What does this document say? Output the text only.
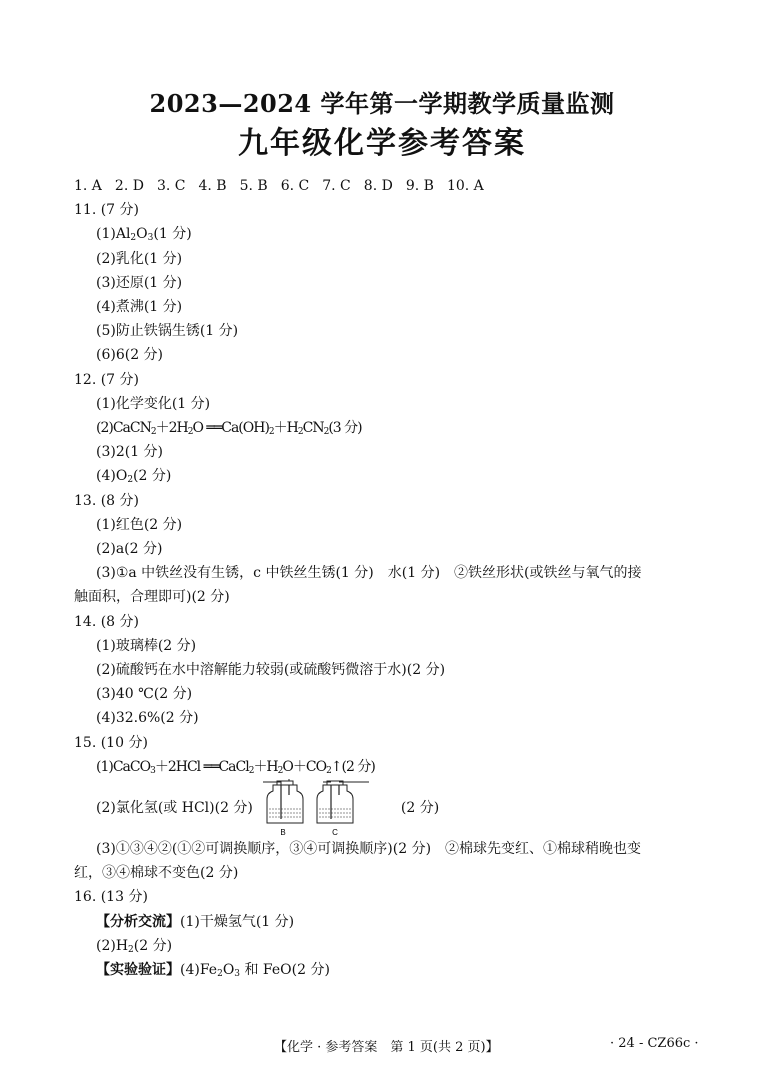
2023—2024 学年第一学期教学质量监测
九年级化学参考答案
1. A 2. D 3. C 4. B 5. B 6. C 7. C 8. D 9. B 10. A
11. (7 分)
$(1)Al_2O_3(1$ 分)
(2)乳化(1 分)
(3)还原(1 分)
(4)煮沸(1 分)
(5)防止铁锅生锈(1 分)
(6)6(2 分)
12. (7 分)
(1)化学变化(1 分)
$(2)CaCN_2+2H_2O$ $══Ca(OH)_2+H_2CN_2(3$ 分)
(3)2(1 分)
$(4)O_2(2$ 分)
13. (8 分)
(1)红色(2 分)
(2)a(2 分)
(3)①a 中铁丝没有生锈，c 中铁丝生锈(1 分)　水(1 分)　②铁丝形状(或铁丝与氧气的接
触面积，合理即可)(2 分)
14. (8 分)
(1)玻璃棒(2 分)
(2)硫酸钙在水中溶解能力较弱(或硫酸钙微溶于水)(2 分)
(3)40 ℃(2 分)
(4)32.6%(2 分)
15. (10 分)
(1)CaCO$_3$＋2HCl $══CaCl_2+H_2O+CO_2↑(2$ 分)
(2)氯化氢(或 HCl)(2 分)
B	C
(2 分)
(3)①③④②(①②可调换顺序，③④可调换顺序)(2 分)　②棉球先变红、①棉球稍晚也变
红，③④棉球不变色(2 分)
16. (13 分)
【分析交流】(1)干燥氢气(1 分)
$(2)H_2(2$ 分)
【实验验证】$(4)Fe_2O_3$ 和 FeO(2 分)
【化学 · 参考答案　第 1 页(共 2 页)】	· 24 - CZ66c ·
